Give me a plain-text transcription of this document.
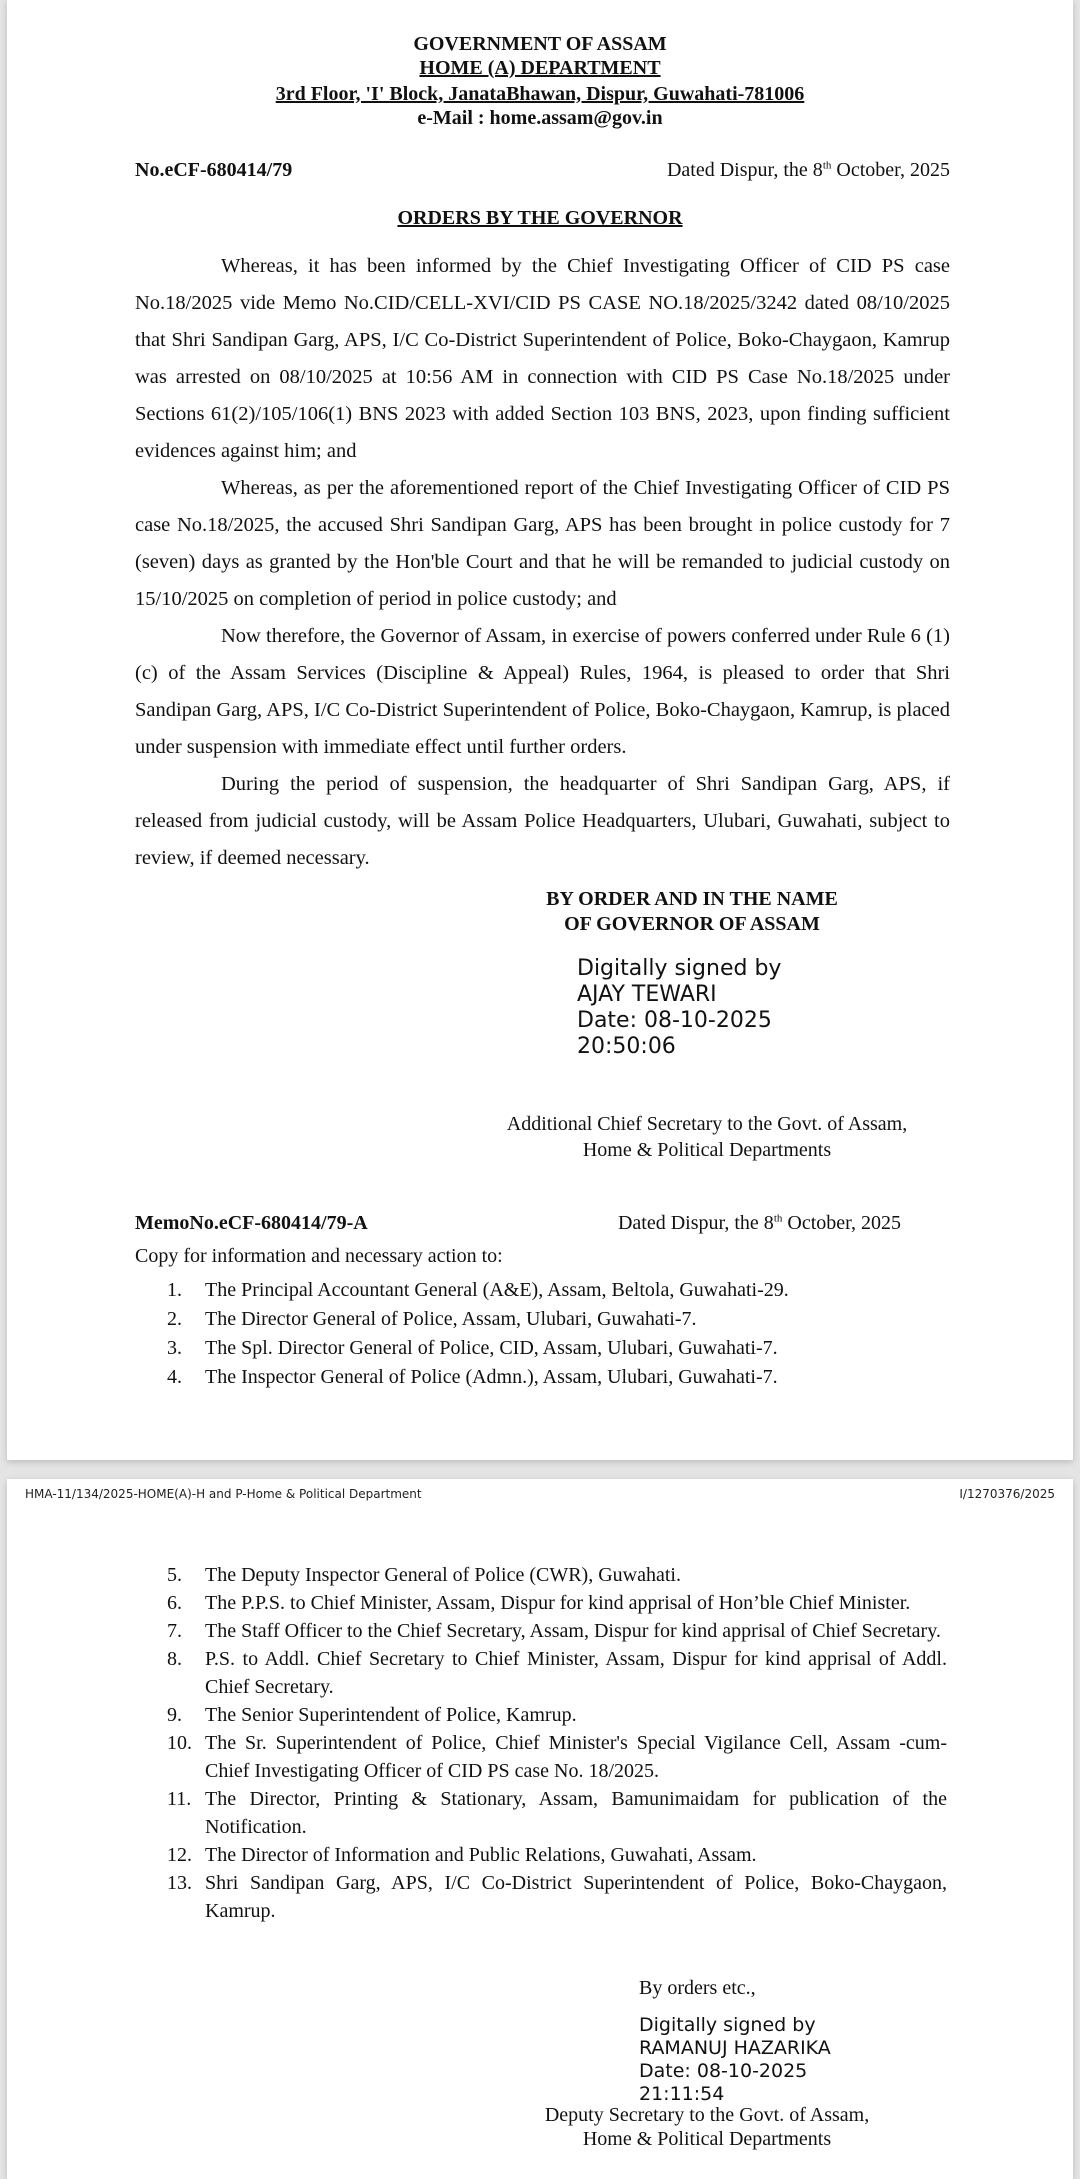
GOVERNMENT OF ASSAM
HOME (A) DEPARTMENT
3rd Floor, 'I' Block, JanataBhawan, Dispur, Guwahati-781006
e-Mail : home.assam@gov.in
No.eCF-680414/79	Dated Dispur, the 8th October, 2025
ORDERS BY THE GOVERNOR
Whereas, it has been informed by the Chief Investigating Officer of CID PS case No.18/2025 vide Memo No.CID/CELL-XVI/CID PS CASE NO.18/2025/3242 dated 08/10/2025 that Shri Sandipan Garg, APS, I/C Co-District Superintendent of Police, Boko-Chaygaon, Kamrup was arrested on 08/10/2025 at 10:56 AM in connection with CID PS Case No.18/2025 under Sections 61(2)/105/106(1) BNS 2023 with added Section 103 BNS, 2023, upon finding sufficient evidences against him; and
Whereas, as per the aforementioned report of the Chief Investigating Officer of CID PS case No.18/2025, the accused Shri Sandipan Garg, APS has been brought in police custody for 7 (seven) days as granted by the Hon'ble Court and that he will be remanded to judicial custody on 15/10/2025 on completion of period in police custody; and
Now therefore, the Governor of Assam, in exercise of powers conferred under Rule 6 (1) (c) of the Assam Services (Discipline & Appeal) Rules, 1964, is pleased to order that Shri Sandipan Garg, APS, I/C Co-District Superintendent of Police, Boko-Chaygaon, Kamrup, is placed under suspension with immediate effect until further orders.
During the period of suspension, the headquarter of Shri Sandipan Garg, APS, if released from judicial custody, will be Assam Police Headquarters, Ulubari, Guwahati, subject to review, if deemed necessary.
BY ORDER AND IN THE NAME
OF GOVERNOR OF ASSAM
Digitally signed by
AJAY TEWARI
Date: 08-10-2025
20:50:06
Additional Chief Secretary to the Govt. of Assam,
Home & Political Departments
MemoNo.eCF-680414/79-A	Dated Dispur, the 8th October, 2025
Copy for information and necessary action to:
1.	The Principal Accountant General (A&E), Assam, Beltola, Guwahati-29.
2.	The Director General of Police, Assam, Ulubari, Guwahati-7.
3.	The Spl. Director General of Police, CID, Assam, Ulubari, Guwahati-7.
4.	The Inspector General of Police (Admn.), Assam, Ulubari, Guwahati-7.
HMA-11/134/2025-HOME(A)-H and P-Home & Political Department	I/1270376/2025
5.	The Deputy Inspector General of Police (CWR), Guwahati.
6.	The P.P.S. to Chief Minister, Assam, Dispur for kind apprisal of Hon’ble Chief Minister.
7.	The Staff Officer to the Chief Secretary, Assam, Dispur for kind apprisal of Chief Secretary.
8.	P.S. to Addl. Chief Secretary to Chief Minister, Assam, Dispur for kind apprisal of Addl. Chief Secretary.
9.	The Senior Superintendent of Police, Kamrup.
10. The Sr. Superintendent of Police, Chief Minister's Special Vigilance Cell, Assam -cum-Chief Investigating Officer of CID PS case No. 18/2025.
11. The Director, Printing & Stationary, Assam, Bamunimaidam for publication of the Notification.
12. The Director of Information and Public Relations, Guwahati, Assam.
13. Shri Sandipan Garg, APS, I/C Co-District Superintendent of Police, Boko-Chaygaon, Kamrup.
By orders etc.,
Digitally signed by
RAMANUJ HAZARIKA
Date: 08-10-2025
21:11:54
Deputy Secretary to the Govt. of Assam,
Home & Political Departments
